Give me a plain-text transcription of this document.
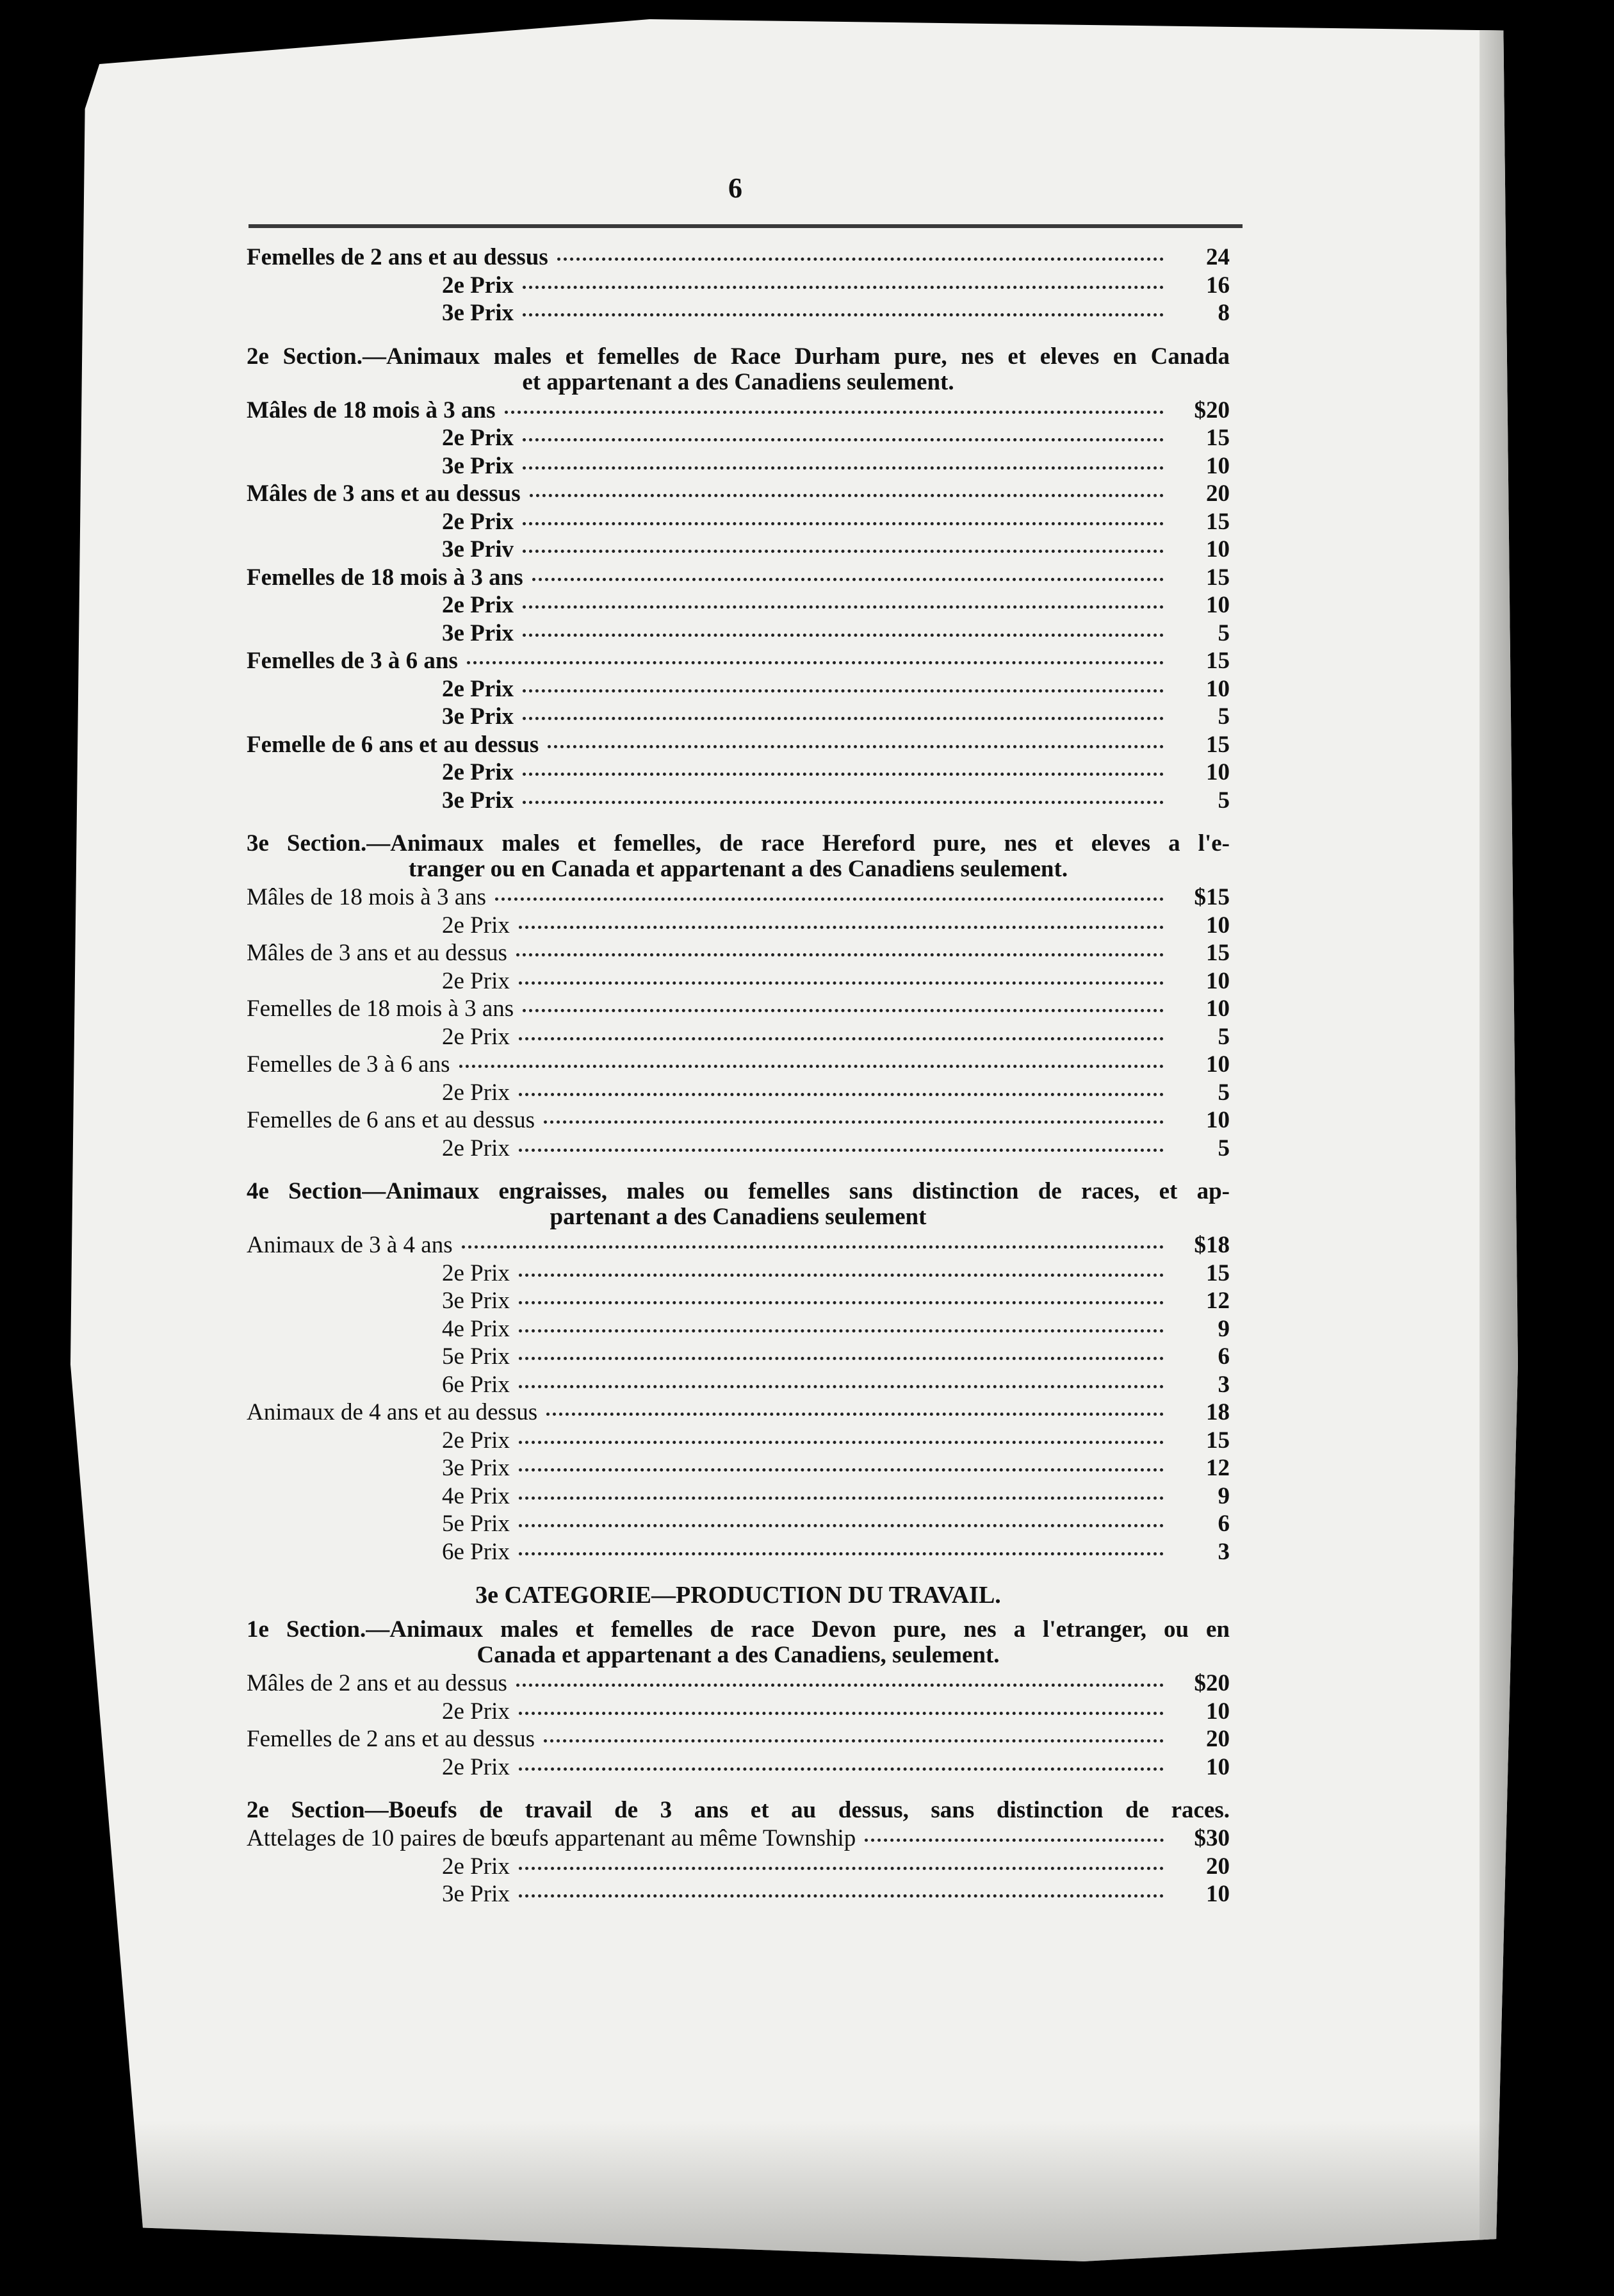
6
Femelles de 2 ans et au dessus	24
2e Prix	16
3e Prix	8
2e Section.—Animaux males et femelles de Race Durham pure, nes et eleves en Canada
et appartenant a des Canadiens seulement.
Mâles de 18 mois à 3 ans	$20
2e Prix	15
3e Prix	10
Mâles de 3 ans et au dessus	20
2e Prix	15
3e Priv	10
Femelles de 18 mois à 3 ans	15
2e Prix	10
3e Prix	5
Femelles de 3 à 6 ans	15
2e Prix	10
3e Prix	5
Femelle de 6 ans et au dessus	15
2e Prix	10
3e Prix	5
3e Section.—Animaux males et femelles, de race Hereford pure, nes et eleves a l'e-
tranger ou en Canada et appartenant a des Canadiens seulement.
Mâles de 18 mois à 3 ans	$15
2e Prix	10
Mâles de 3 ans et au dessus	15
2e Prix	10
Femelles de 18 mois à 3 ans	10
2e Prix	5
Femelles de 3 à 6 ans	10
2e Prix	5
Femelles de 6 ans et au dessus	10
2e Prix	5
4e Section—Animaux engraisses, males ou femelles sans distinction de races, et ap-
partenant a des Canadiens seulement
Animaux de 3 à 4 ans	$18
2e Prix	15
3e Prix	12
4e Prix	9
5e Prix	6
6e Prix	3
Animaux de 4 ans et au dessus	18
2e Prix	15
3e Prix	12
4e Prix	9
5e Prix	6
6e Prix	3
3e CATEGORIE—PRODUCTION DU TRAVAIL.
1e Section.—Animaux males et femelles de race Devon pure, nes a l'etranger, ou en
Canada et appartenant a des Canadiens, seulement.
Mâles de 2 ans et au dessus	$20
2e Prix	10
Femelles de 2 ans et au dessus	20
2e Prix	10
2e Section—Boeufs de travail de 3 ans et au dessus, sans distinction de races.
Attelages de 10 paires de bœufs appartenant au même Township	$30
2e Prix	20
3e Prix	10
